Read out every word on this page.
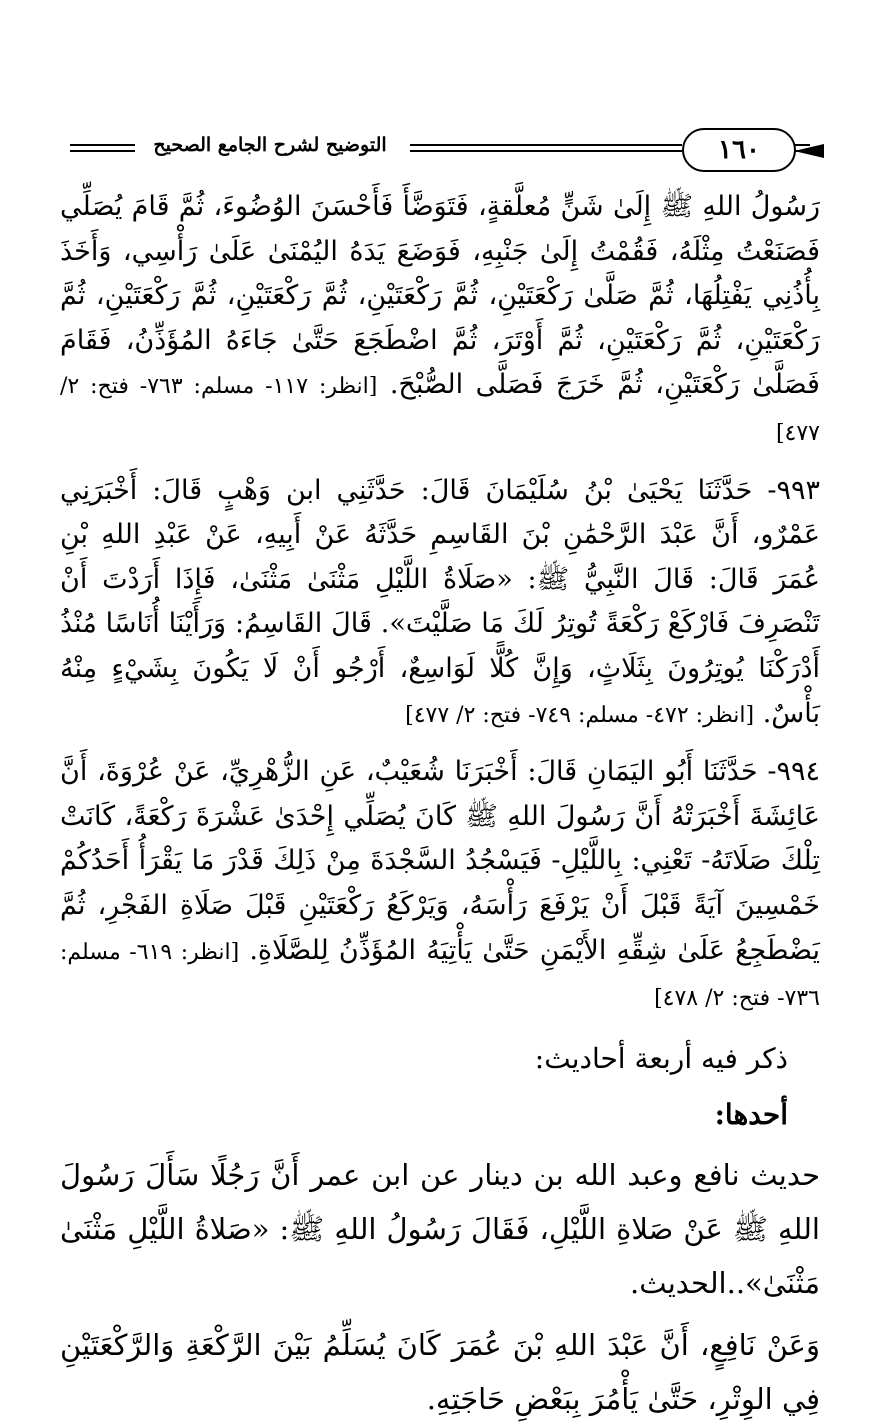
التوضيح لشرح الجامع الصحيح	١٦٠

رَسُولُ اللهِ ﷺ إِلَىٰ شَنٍّ مُعلَّقةٍ، فَتَوَضَّأَ فَأَحْسَنَ الوُضُوءَ، ثُمَّ قَامَ يُصَلِّي فَصَنَعْتُ مِثْلَهُ، فَقُمْتُ إِلَىٰ جَنْبِهِ، فَوَضَعَ يَدَهُ اليُمْنَىٰ عَلَىٰ رَأْسِي، وَأَخَذَ بِأُذُنِي يَفْتِلُهَا، ثُمَّ صَلَّىٰ رَكْعَتَيْنِ، ثُمَّ رَكْعَتَيْنِ، ثُمَّ رَكْعَتَيْنِ، ثُمَّ رَكْعَتَيْنِ، ثُمَّ رَكْعَتَيْنِ، ثُمَّ رَكْعَتَيْنِ، ثُمَّ أَوْتَرَ، ثُمَّ اضْطَجَعَ حَتَّىٰ جَاءَهُ المُؤَذِّنُ، فَقَامَ فَصَلَّىٰ رَكْعَتَيْنِ، ثُمَّ خَرَجَ فَصَلَّى الصُّبْحَ. [انظر: ١١٧- مسلم: ٧٦٣- فتح: ٢/ ٤٧٧]

٩٩٣- حَدَّثَنَا يَحْيَىٰ بْنُ سُلَيْمَانَ قَالَ: حَدَّثَنِي ابن وَهْبٍ قَالَ: أَخْبَرَنِي عَمْرٌو، أَنَّ عَبْدَ الرَّحْمَٰنِ بْنَ القَاسِمِ حَدَّثَهُ عَنْ أَبِيهِ، عَنْ عَبْدِ اللهِ بْنِ عُمَرَ قَالَ: قَالَ النَّبِيُّ ﷺ: «صَلَاةُ اللَّيْلِ مَثْنَىٰ مَثْنَىٰ، فَإِذَا أَرَدْتَ أَنْ تَنْصَرِفَ فَارْكَعْ رَكْعَةً تُوتِرُ لَكَ مَا صَلَّيْتَ». قَالَ القَاسِمُ: وَرَأَيْنَا أُنَاسًا مُنْذُ أَدْرَكْنَا يُوتِرُونَ بِثَلَاثٍ، وَإِنَّ كُلًّا لَوَاسِعٌ، أَرْجُو أَنْ لَا يَكُونَ بِشَيْءٍ مِنْهُ بَأْسٌ. [انظر: ٤٧٢- مسلم: ٧٤٩- فتح: ٢/ ٤٧٧]

٩٩٤- حَدَّثَنَا أَبُو اليَمَانِ قَالَ: أَخْبَرَنَا شُعَيْبٌ، عَنِ الزُّهْرِيِّ، عَنْ عُرْوَةَ، أَنَّ عَائِشَةَ أَخْبَرَتْهُ أَنَّ رَسُولَ اللهِ ﷺ كَانَ يُصَلِّي إِحْدَىٰ عَشْرَةَ رَكْعَةً، كَانَتْ تِلْكَ صَلَاتَهُ- تَعْنِي: بِاللَّيْلِ- فَيَسْجُدُ السَّجْدَةَ مِنْ ذَلِكَ قَدْرَ مَا يَقْرَأُ أَحَدُكُمْ خَمْسِينَ آيَةً قَبْلَ أَنْ يَرْفَعَ رَأْسَهُ، وَيَرْكَعُ رَكْعَتَيْنِ قَبْلَ صَلَاةِ الفَجْرِ، ثُمَّ يَضْطَجِعُ عَلَىٰ شِقِّهِ الأَيْمَنِ حَتَّىٰ يَأْتِيَهُ المُؤَذِّنُ لِلصَّلَاةِ. [انظر: ٦١٩- مسلم: ٧٣٦- فتح: ٢/ ٤٧٨]

ذكر فيه أربعة أحاديث:

أحدها:

حديث نافع وعبد الله بن دينار عن ابن عمر أَنَّ رَجُلًا سَأَلَ رَسُولَ اللهِ ﷺ عَنْ صَلاةِ اللَّيْلِ، فَقَالَ رَسُولُ اللهِ ﷺ: «صَلاةُ اللَّيْلِ مَثْنَىٰ مَثْنَىٰ»..الحديث.

وَعَنْ نَافِعٍ، أَنَّ عَبْدَ اللهِ بْنَ عُمَرَ كَانَ يُسَلِّمُ بَيْنَ الرَّكْعَةِ وَالرَّكْعَتَيْنِ فِي الوِتْرِ، حَتَّىٰ يَأْمُرَ بِبَعْضِ حَاجَتِهِ.
